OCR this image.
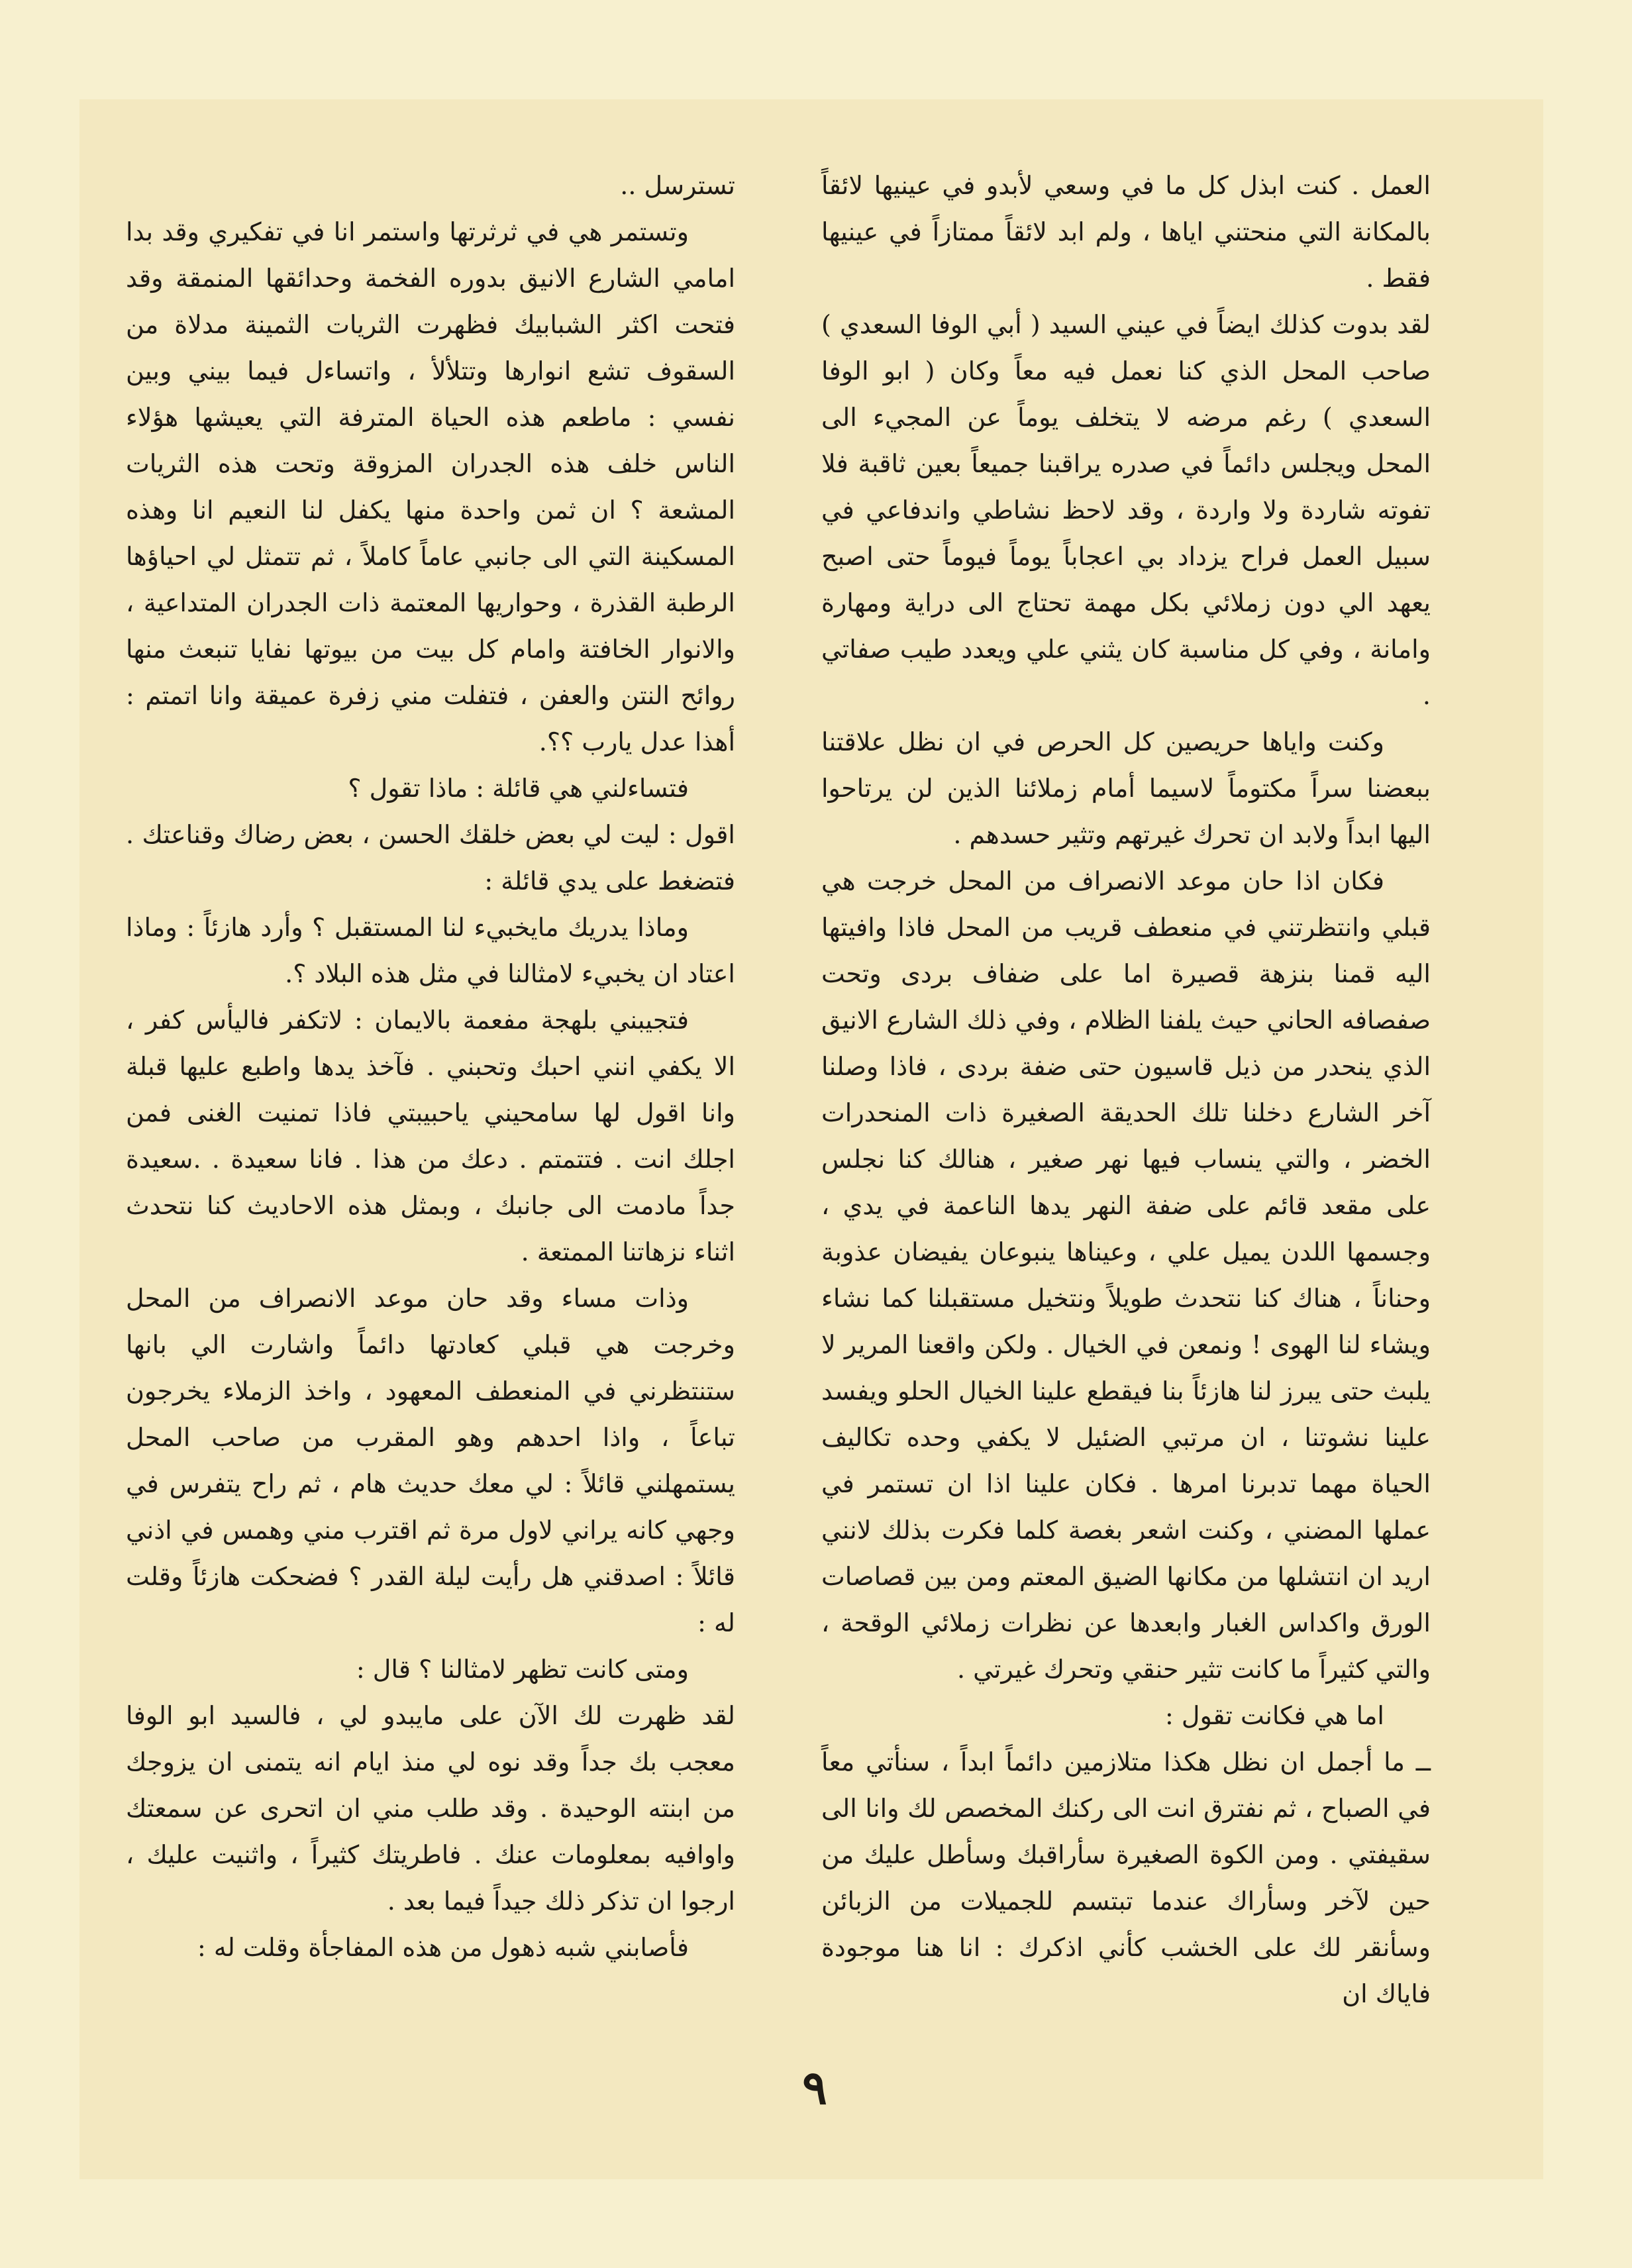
العمل . كنت ابذل كل ما في وسعي لأبدو في عينيها لائقاً بالمكانة التي منحتني اياها ، ولم ابد لائقاً ممتازاً في عينيها فقط .

لقد بدوت كذلك ايضاً في عيني السيد ( أبي الوفا السعدي ) صاحب المحل الذي كنا نعمل فيه معاً وكان ( ابو الوفا السعدي ) رغم مرضه لا يتخلف يوماً عن المجيء الى المحل ويجلس دائماً في صدره يراقبنا جميعاً بعين ثاقبة فلا تفوته شاردة ولا واردة ، وقد لاحظ نشاطي واندفاعي في سبيل العمل فراح يزداد بي اعجاباً يوماً فيوماً حتى اصبح يعهد الي دون زملائي بكل مهمة تحتاج الى دراية ومهارة وامانة ، وفي كل مناسبة كان يثني علي ويعدد طيب صفاتي .

وكنت واياها حريصين كل الحرص في ان نظل علاقتنا ببعضنا سراً مكتوماً لاسيما أمام زملائنا الذين لن يرتاحوا اليها ابداً ولابد ان تحرك غيرتهم وتثير حسدهم .

فكان اذا حان موعد الانصراف من المحل خرجت هي قبلي وانتظرتني في منعطف قريب من المحل فاذا وافيتها اليه قمنا بنزهة قصيرة اما على ضفاف بردى وتحت صفصافه الحاني حيث يلفنا الظلام ، وفي ذلك الشارع الانيق الذي ينحدر من ذيل قاسيون حتى ضفة بردى ، فاذا وصلنا آخر الشارع دخلنا تلك الحديقة الصغيرة ذات المنحدرات الخضر ، والتي ينساب فيها نهر صغير ، هنالك كنا نجلس على مقعد قائم على ضفة النهر يدها الناعمة في يدي ، وجسمها اللدن يميل علي ، وعيناها ينبوعان يفيضان عذوبة وحناناً ، هناك كنا نتحدث طويلاً ونتخيل مستقبلنا كما نشاء ويشاء لنا الهوى ! ونمعن في الخيال . ولكن واقعنا المرير لا يلبث حتى يبرز لنا هازئاً بنا فيقطع علينا الخيال الحلو ويفسد علينا نشوتنا ، ان مرتبي الضئيل لا يكفي وحده تكاليف الحياة مهما تدبرنا امرها . فكان علينا اذا ان تستمر في عملها المضني ، وكنت اشعر بغصة كلما فكرت بذلك لانني اريد ان انتشلها من مكانها الضيق المعتم ومن بين قصاصات الورق واكداس الغبار وابعدها عن نظرات زملائي الوقحة ، والتي كثيراً ما كانت تثير حنقي وتحرك غيرتي .

اما هي فكانت تقول :

ــ ما أجمل ان نظل هكذا متلازمين دائماً ابداً ، سنأتي معاً في الصباح ، ثم نفترق انت الى ركنك المخصص لك وانا الى سقيفتي . ومن الكوة الصغيرة سأراقبك وسأطل عليك من حين لآخر وسأراك عندما تبتسم للجميلات من الزبائن وسأنقر لك على الخشب كأني اذكرك : انا هنا موجودة فاياك ان

تسترسل ..

وتستمر هي في ثرثرتها واستمر انا في تفكيري وقد بدا امامي الشارع الانيق بدوره الفخمة وحدائقها المنمقة وقد فتحت اكثر الشبابيك فظهرت الثريات الثمينة مدلاة من السقوف تشع انوارها وتتلألأ ، واتساءل فيما بيني وبين نفسي : ماطعم هذه الحياة المترفة التي يعيشها هؤلاء الناس خلف هذه الجدران المزوقة وتحت هذه الثريات المشعة ؟ ان ثمن واحدة منها يكفل لنا النعيم انا وهذه المسكينة التي الى جانبي عاماً كاملاً ، ثم تتمثل لي احياؤها الرطبة القذرة ، وحواريها المعتمة ذات الجدران المتداعية ، والانوار الخافتة وامام كل بيت من بيوتها نفايا تنبعث منها روائح النتن والعفن ، فتفلت مني زفرة عميقة وانا اتمتم : أهذا عدل يارب ؟؟.

فتساءلني هي قائلة : ماذا تقول ؟

اقول : ليت لي بعض خلقك الحسن ، بعض رضاك وقناعتك . فتضغط على يدي قائلة :

وماذا يدريك مايخبيء لنا المستقبل ؟ وأرد هازئاً : وماذا اعتاد ان يخبيء لامثالنا في مثل هذه البلاد ؟.

فتجيبني بلهجة مفعمة بالايمان : لاتكفر فاليأس كفر ، الا يكفي انني احبك وتحبني . فآخذ يدها واطبع عليها قبلة وانا اقول لها سامحيني ياحبيبتي فاذا تمنيت الغنى فمن اجلك انت . فتتمتم . دعك من هذا . فانا سعيدة . .سعيدة جداً مادمت الى جانبك ، وبمثل هذه الاحاديث كنا نتحدث اثناء نزهاتنا الممتعة .

وذات مساء وقد حان موعد الانصراف من المحل وخرجت هي قبلي كعادتها دائماً واشارت الي بانها ستنتظرني في المنعطف المعهود ، واخذ الزملاء يخرجون تباعاً ، واذا احدهم وهو المقرب من صاحب المحل يستمهلني قائلاً : لي معك حديث هام ، ثم راح يتفرس في وجهي كانه يراني لاول مرة ثم اقترب مني وهمس في اذني قائلاً : اصدقني هل رأيت ليلة القدر ؟ فضحكت هازئاً وقلت له :

ومتى كانت تظهر لامثالنا ؟ قال :

لقد ظهرت لك الآن على مايبدو لي ، فالسيد ابو الوفا معجب بك جداً وقد نوه لي منذ ايام انه يتمنى ان يزوجك من ابنته الوحيدة . وقد طلب مني ان اتحرى عن سمعتك واوافيه بمعلومات عنك . فاطريتك كثيراً ، واثنيت عليك ، ارجوا ان تذكر ذلك جيداً فيما بعد .

فأصابني شبه ذهول من هذه المفاجأة وقلت له :

٩
